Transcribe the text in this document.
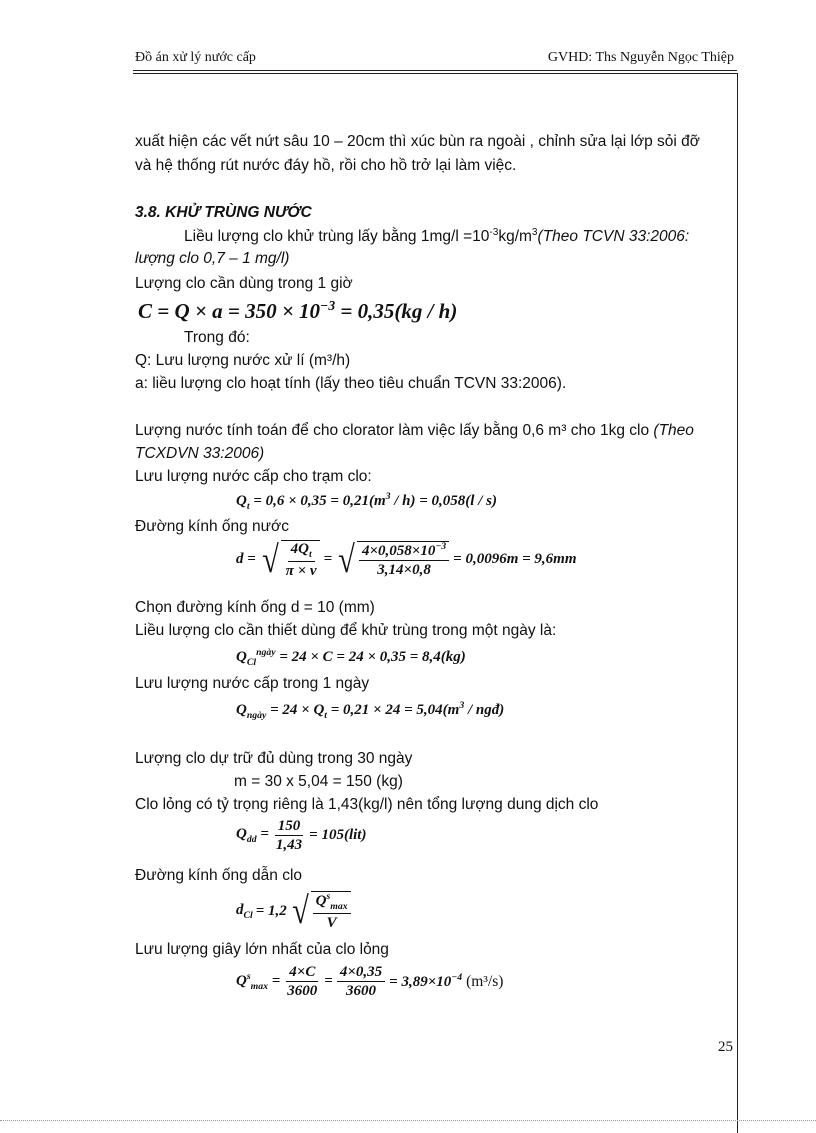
Đồ án xử lý nước cấp	GVHD: Ths Nguyễn Ngọc Thiệp
xuất hiện các vết nứt sâu 10 – 20cm thì xúc bùn ra ngoài , chỉnh sửa lại lớp sỏi đỡ
và hệ thống rút nước đáy hồ, rồi cho hồ trở lại làm việc.
3.8. KHỬ TRÙNG NƯỚC
Liều lượng clo khử trùng lấy bằng $1mg/l =10^{-3}kg/m^3(Theo$ TCVN 33:2006:
lượng clo 0,7 – 1 mg/l)
Lượng clo cần dùng trong 1 giờ
$C = Q \times a = 350 \times 10^{-3} = 0,35(kg / h)$
Trong đó:
Q: Lưu lượng nước xử lí (m³/h)
a: liều lượng clo hoạt tính (lấy theo tiêu chuẩn TCVN 33:2006).
Lượng nước tính toán để cho clorator làm việc lấy bằng 0,6 m³ cho 1kg clo (Theo
TCXDVN 33:2006)
Lưu lượng nước cấp cho trạm clo:
$Q_t = 0,6 \times 0,35 = 0,21(m^3 / h) = 0,058(l / s)$
Đường kính ống nước
d = √ $\frac{4Q_t}{\pi \times v}$ = √ $\frac{4\times 0,058\times 10^{-3}}{3,14\times 0,8} = 0,0096m = 9,6mm$
Chọn đường kính ống d = 10 (mm)
Liều lượng clo cần thiết dùng để khử trùng trong một ngày là:
$Q_{Cl}^{ngày} = 24 \times C = 24 \times 0,35 = 8,4(kg)$
Lưu lượng nước cấp trong 1 ngày
$Q_{ngày} = 24 \times Q_t = 0,21 \times 24 = 5,04(m^3$ / ngđ)
Lượng clo dự trữ đủ dùng trong 30 ngày
m = 30 x 5,04 = 150 (kg)
Clo lỏng có tỷ trọng riêng là 1,43(kg/l) nên tổng lượng dung dịch clo
$Q_{dd} = \frac{150}{1,43} = 105(lit)$
Đường kính ống dẫn clo
$d_{Cl} = 1,2$ √ $\frac{Q^s_{max}}{V}$
Lưu lượng giây lớn nhất của clo lỏng
$Q^s_{max} = \frac{4\times C}{3600} = \frac{4\times 0,35}{3600} = 3,89\times 10^{-4}$ (m³/s)
25
